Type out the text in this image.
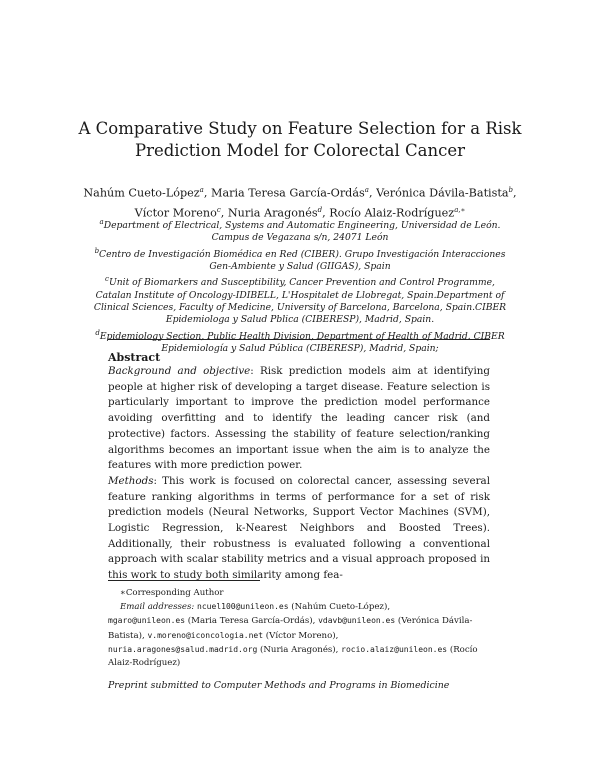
A Comparative Study on Feature Selection for a Risk
Prediction Model for Colorectal Cancer
Nahúm Cueto-López$^a$, Maria Teresa García-Ordás$^a$, Verónica Dávila-Batista$^b$, Víctor Moreno$^c$, Nuria Aragonés$^d$, Rocío Alaiz-Rodríguez$^{a,∗}$

$^a$Department of Electrical, Systems and Automatic Engineering, Universidad de León. Campus de Vegazana s/n, 24071 León

$^b$Centro de Investigación Biomédica en Red (CIBER). Grupo Investigación Interacciones Gen-Ambiente y Salud (GIIGAS), Spain

$^c$Unit of Biomarkers and Susceptibility, Cancer Prevention and Control Programme, Catalan Institute of Oncology-IDIBELL, L'Hospitalet de Llobregat, Spain.Department of Clinical Sciences, Faculty of Medicine, University of Barcelona, Barcelona, Spain.CIBER Epidemiologa y Salud Pblica (CIBERESP), Madrid, Spain.

$^d$Epidemiology Section, Public Health Division, Department of Health of Madrid. CIBER Epidemiología y Salud Pública (CIBERESP), Madrid, Spain;

Abstract

Background and objective: Risk prediction models aim at identifying people at higher risk of developing a target disease. Feature selection is particularly important to improve the prediction model performance avoiding overfitting and to identify the leading cancer risk (and protective) factors. Assessing the stability of feature selection/ranking algorithms becomes an important issue when the aim is to analyze the features with more prediction power.

Methods: This work is focused on colorectal cancer, assessing several feature ranking algorithms in terms of performance for a set of risk prediction models (Neural Networks, Support Vector Machines (SVM), Logistic Regression, k-Nearest Neighbors and Boosted Trees). Additionally, their robustness is evaluated following a conventional approach with scalar stability metrics and a visual approach proposed in this work to study both similarity among fea-

∗Corresponding Author

Email addresses: ncuel100@unileon.es (Nahúm Cueto-López),

mgaro@unileon.es (Maria Teresa García-Ordás), vdavb@unileon.es (Verónica Dávila-Batista), v.moreno@iconcologia.net (Víctor Moreno), nuria.aragones@salud.madrid.org (Nuria Aragonés), rocio.alaiz@unileon.es (Rocío Alaiz-Rodríguez)

Preprint submitted to Computer Methods and Programs in Biomedicine
